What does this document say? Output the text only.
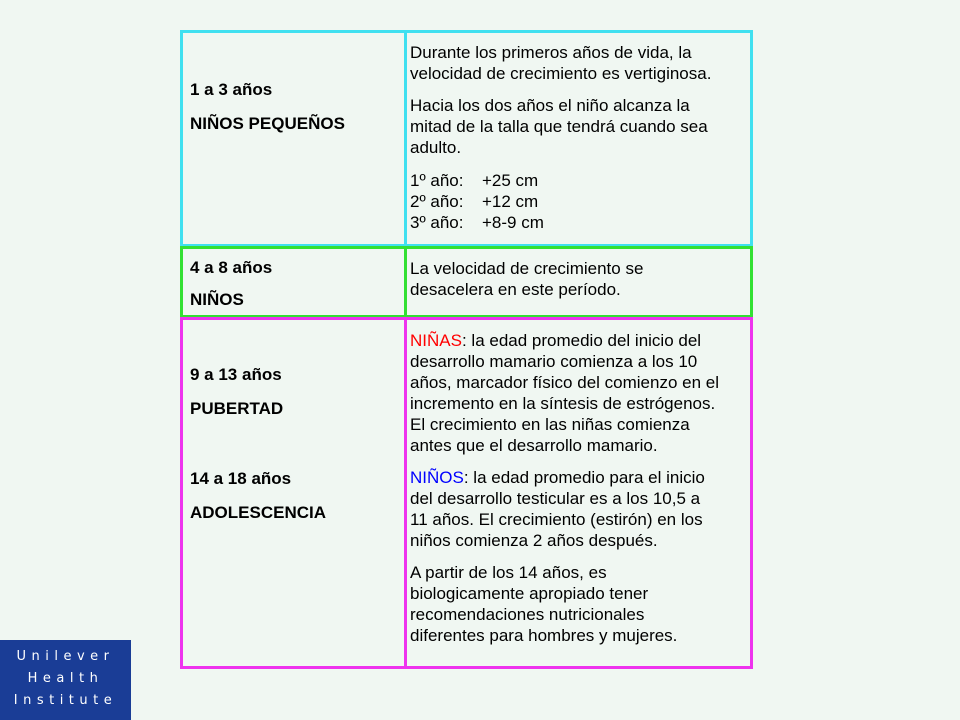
1 a 3 años
NIÑOS PEQUEÑOS

Durante los primeros años de vida, la

velocidad de crecimiento es vertiginosa.

Hacia los dos años el niño alcanza la

mitad de la talla que tendrá cuando sea

adulto.

1º año:	+25 cm
2º año:	+12 cm
3º año:	+8-9 cm
4 a 8 años
NIÑOS

La velocidad de crecimiento se

desacelera en este período.

9 a 13 años
PUBERTAD
14 a 18 años
ADOLESCENCIA

NIÑAS: la edad promedio del inicio del

desarrollo mamario comienza a los 10

años, marcador físico del comienzo en el

incremento en la síntesis de estrógenos.

El crecimiento en las niñas comienza

antes que el desarrollo mamario.

NIÑOS: la edad promedio para el inicio

del desarrollo testicular es a los 10,5 a

11 años. El crecimiento (estirón) en los

niños comienza 2 años después.

A partir de los 14 años, es

biologicamente apropiado tener

recomendaciones nutricionales

diferentes para hombres y mujeres.

Unilever
Health
Institute
